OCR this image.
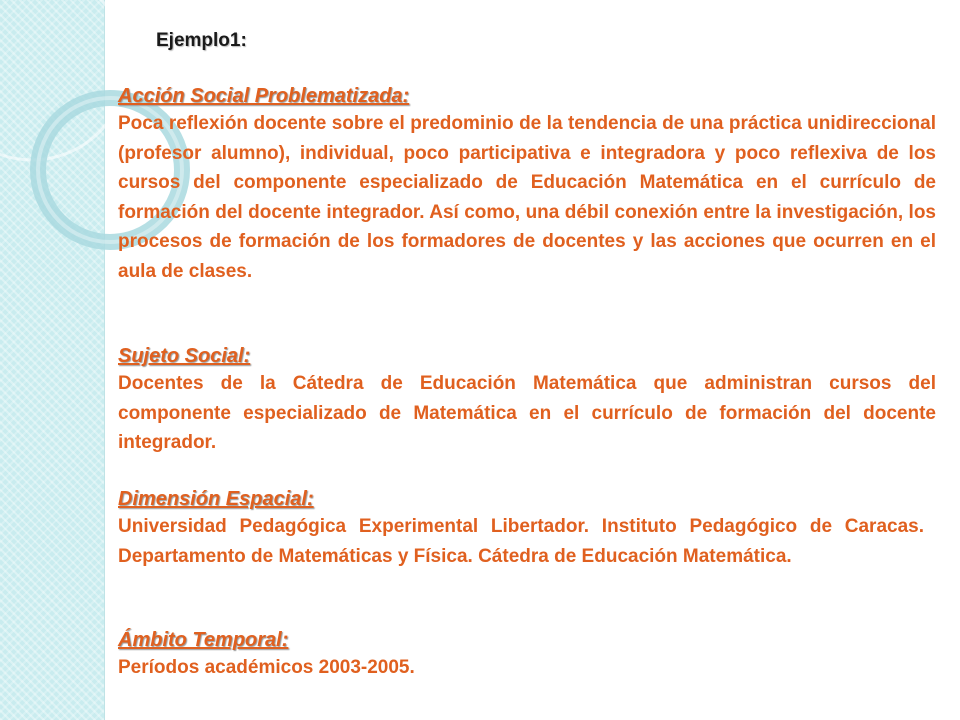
Ejemplo1:
Acción Social Problematizada:

Poca reflexión docente sobre el predominio de la tendencia de una práctica unidireccional (profesor alumno), individual, poco participativa e integradora y poco reflexiva de los cursos del componente especializado de Educación Matemática en el currículo de formación del docente integrador. Así como, una débil conexión entre la investigación, los procesos de formación de los formadores de docentes y las acciones que ocurren en el aula de clases.

Sujeto Social:

Docentes de la Cátedra de Educación Matemática que administran cursos del componente especializado de Matemática en el currículo de formación del docente integrador.

Dimensión Espacial:

Universidad Pedagógica Experimental Libertador. Instituto Pedagógico de Caracas. Departamento de Matemáticas y Física. Cátedra de Educación Matemática.

Ámbito Temporal:

Períodos académicos 2003-2005.
